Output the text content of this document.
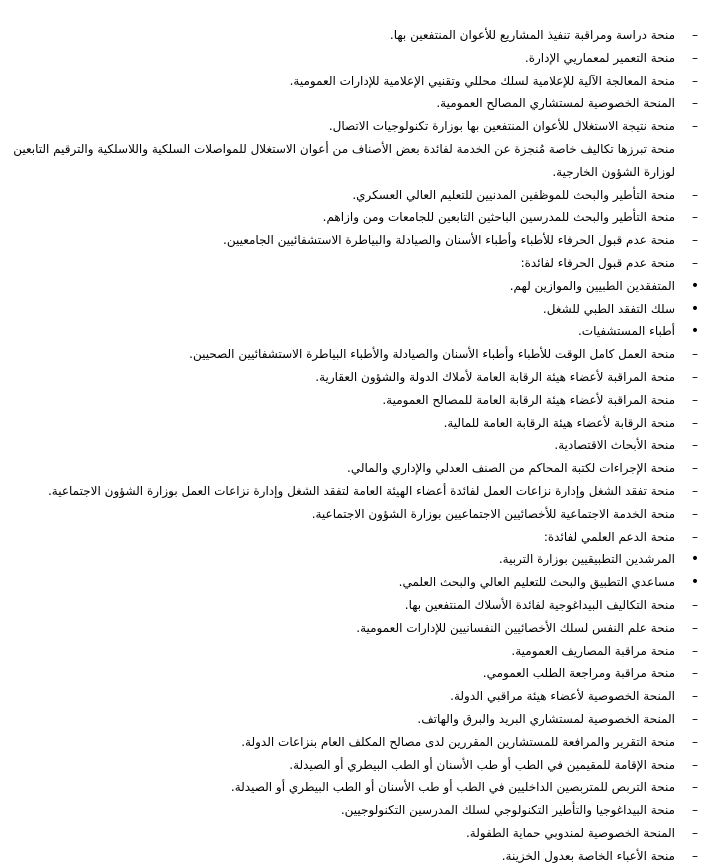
–
منحة دراسة ومراقبة تنفيذ المشاريع للأعوان المنتفعين بها.
–
منحة التعمير لمعماريي الإدارة.
–
منحة المعالجة الآلية للإعلامية لسلك محللي وتقنيي الإعلامية للإدارات العمومية.
–
المنحة الخصوصية لمستشاري المصالح العمومية.
–
منحة نتيجة الاستغلال للأعوان المنتفعين بها بوزارة تكنولوجيات الاتصال.
–
منحة تبرزها تكاليف خاصة مُنجزة عن الخدمة لفائدة بعض الأصناف من أعوان الاستغلال للمواصلات السلكية واللاسلكية والترقيم التابعين لوزارة الشؤون الخارجية.
–
منحة التأطير والبحث للموظفين المدنيين للتعليم العالي العسكري.
–
منحة التأطير والبحث للمدرسين الباحثين التابعين للجامعات ومن وازاهم.
–
منحة عدم قبول الحرفاء للأطباء وأطباء الأسنان والصيادلة والبياطرة الاستشفائيين الجامعيين.
–
منحة عدم قبول الحرفاء لفائدة:
•
المتفقدين الطبيين والموازين لهم.
•
سلك التفقد الطبي للشغل.
•
أطباء المستشفيات.
–
منحة العمل كامل الوقت للأطباء وأطباء الأسنان والصيادلة والأطباء البياطرة الاستشفائيين الصحيين.
–
منحة المراقبة لأعضاء هيئة الرقابة العامة لأملاك الدولة والشؤون العقارية.
–
منحة المراقبة لأعضاء هيئة الرقابة العامة للمصالح العمومية.
–
منحة الرقابة لأعضاء هيئة الرقابة العامة للمالية.
–
منحة الأبحاث الاقتصادية.
–
منحة الإجراءات لكتبة المحاكم من الصنف العدلي والإداري والمالي.
–
منحة تفقد الشغل وإدارة نزاعات العمل لفائدة أعضاء الهيئة العامة لتفقد الشغل وإدارة نزاعات العمل بوزارة الشؤون الاجتماعية.
–
منحة الخدمة الاجتماعية للأخصائيين الاجتماعيين بوزارة الشؤون الاجتماعية.
–
منحة الدعم العلمي لفائدة:
•
المرشدين التطبيقيين بوزارة التربية.
•
مساعدي التطبيق والبحث للتعليم العالي والبحث العلمي.
–
منحة التكاليف البيداغوجية لفائدة الأسلاك المنتفعين بها.
–
منحة علم النفس لسلك الأخصائيين النفسانيين للإدارات العمومية.
–
منحة مراقبة المصاريف العمومية.
–
منحة مراقبة ومراجعة الطلب العمومي.
–
المنحة الخصوصية لأعضاء هيئة مراقبي الدولة.
–
المنحة الخصوصية لمستشاري البريد والبرق والهاتف.
–
منحة التقرير والمرافعة للمستشارين المقررين لدى مصالح المكلف العام بنزاعات الدولة.
–
منحة الإقامة للمقيمين في الطب أو طب الأسنان أو الطب البيطري أو الصيدلة.
–
منحة التربص للمتربصين الداخليين في الطب أو طب الأسنان أو الطب البيطري أو الصيدلة.
–
منحة البيداغوجيا والتأطير التكنولوجي لسلك المدرسين التكنولوجيين.
–
المنحة الخصوصية لمندوبي حماية الطفولة.
–
منحة الأعباء الخاصة بعدول الخزينة.
